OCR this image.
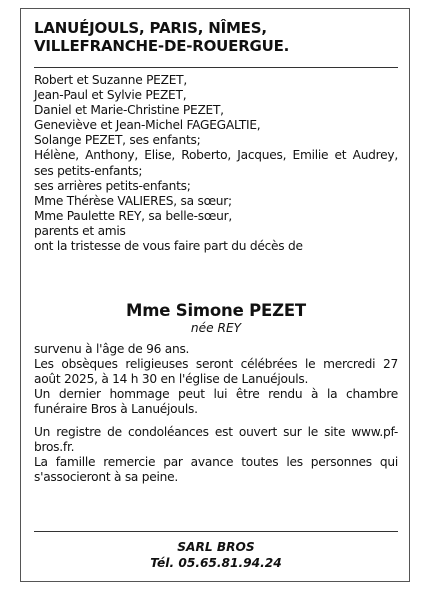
LANUÉJOULS, PARIS, NÎMES,
VILLEFRANCHE-DE-ROUERGUE.
Robert et Suzanne PEZET,
Jean-Paul et Sylvie PEZET,
Daniel et Marie-Christine PEZET,
Geneviève et Jean-Michel FAGEGALTIE,
Solange PEZET, ses enfants;
Hélène, Anthony, Elise, Roberto, Jacques, Emilie et Audrey, ses petits-enfants;
ses arrières petits-enfants;
Mme Thérèse VALIERES, sa sœur;
Mme Paulette REY, sa belle-sœur,
parents et amis
ont la tristesse de vous faire part du décès de
Mme Simone PEZET
née REY
survenu à l'âge de 96 ans.
Les obsèques religieuses seront célébrées le mercredi 27 août 2025, à 14 h 30 en l'église de Lanuéjouls.
Un dernier hommage peut lui être rendu à la chambre funéraire Bros à Lanuéjouls.
Un registre de condoléances est ouvert sur le site www.pf-bros.fr.
La famille remercie par avance toutes les personnes qui s'associeront à sa peine.
SARL BROS
Tél. 05.65.81.94.24
